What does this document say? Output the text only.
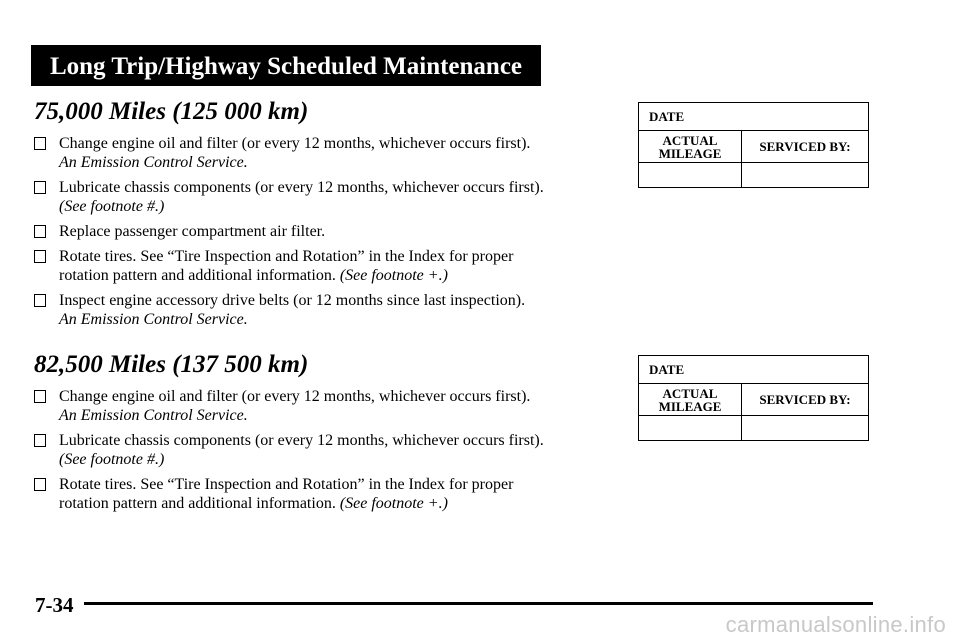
Long Trip/Highway Scheduled Maintenance
75,000 Miles (125 000 km)
Change engine oil and filter (or every 12 months, whichever occurs first).
An Emission Control Service.
Lubricate chassis components (or every 12 months, whichever occurs first).
(See footnote #.)
Replace passenger compartment air filter.
Rotate tires. See “Tire Inspection and Rotation” in the Index for proper
rotation pattern and additional information. (See footnote +.)
Inspect engine accessory drive belts (or 12 months since last inspection).
An Emission Control Service.
DATE	
ACTUAL
MILEAGE	SERVICED BY:

82,500 Miles (137 500 km)
Change engine oil and filter (or every 12 months, whichever occurs first).
An Emission Control Service.
Lubricate chassis components (or every 12 months, whichever occurs first).
(See footnote #.)
Rotate tires. See “Tire Inspection and Rotation” in the Index for proper
rotation pattern and additional information. (See footnote +.)
DATE	
ACTUAL
MILEAGE	SERVICED BY:

7-34
carmanualsonline.info
